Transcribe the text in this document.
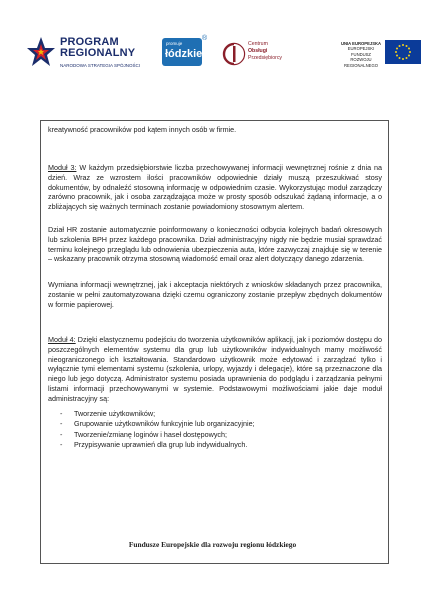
PROGRAM
REGIONALNY
NARODOWA STRATEGIA SPÓJNOŚCI
promuje
łódzkie
®
Centrum
Obsługi
Przedsiębiorcy
UNIA EUROPEJSKA
EUROPEJSKI FUNDUSZ
ROZWOJU REGIONALNEGO
kreatywność pracowników pod kątem innych osób w firmie.
Moduł 3: W każdym przedsiębiorstwie liczba przechowywanej informacji wewnętrznej rośnie z dnia na dzień. Wraz ze wzrostem ilości pracowników odpowiednie działy muszą przeszukiwać stosy dokumentów, by odnaleźć stosowną informację w odpowiednim czasie. Wykorzystując moduł zarządczy zarówno pracownik, jak i osoba zarządzająca może w prosty sposób odszukać żądaną informacje, a o zbliżających się ważnych terminach zostanie powiadomiony stosownym alertem.
Dział HR zostanie automatycznie poinformowany o konieczności odbycia kolejnych badań okresowych lub szkolenia BPH przez każdego pracownika. Dział administracyjny nigdy nie będzie musiał sprawdzać terminu kolejnego przeglądu lub odnowienia ubezpieczenia auta, które zazwyczaj znajduje się w terenie – wskazany pracownik otrzyma stosowną wiadomość email oraz alert dotyczący danego zdarzenia.
Wymiana informacji wewnętrznej, jak i akceptacja niektórych z wniosków składanych przez pracownika, zostanie w pełni zautomatyzowana dzięki czemu ograniczony zostanie przepływ zbędnych dokumentów w formie papierowej.
Moduł 4: Dzięki elastycznemu podejściu do tworzenia użytkowników aplikacji, jak i poziomów dostępu do poszczególnych elementów systemu dla grup lub użytkowników indywidualnych mamy możliwość nieograniczonego ich kształtowania. Standardowo użytkownik może edytować i zarządzać tylko i wyłącznie tymi elementami systemu (szkolenia, urlopy, wyjazdy i delegacje), które są przeznaczone dla niego lub jego dotyczą. Administrator systemu posiada uprawnienia do podglądu i zarządzania pełnymi listami informacji przechowywanymi w systemie. Podstawowymi możliwościami jakie daje moduł administracyjny są:
- Tworzenie użytkowników;
- Grupowanie użytkowników funkcyjnie lub organizacyjnie;
- Tworzenie/zmianę loginów i haseł dostępowych;
- Przypisywanie uprawnień dla grup lub indywidualnych.
Fundusze Europejskie dla rozwoju regionu łódzkiego
